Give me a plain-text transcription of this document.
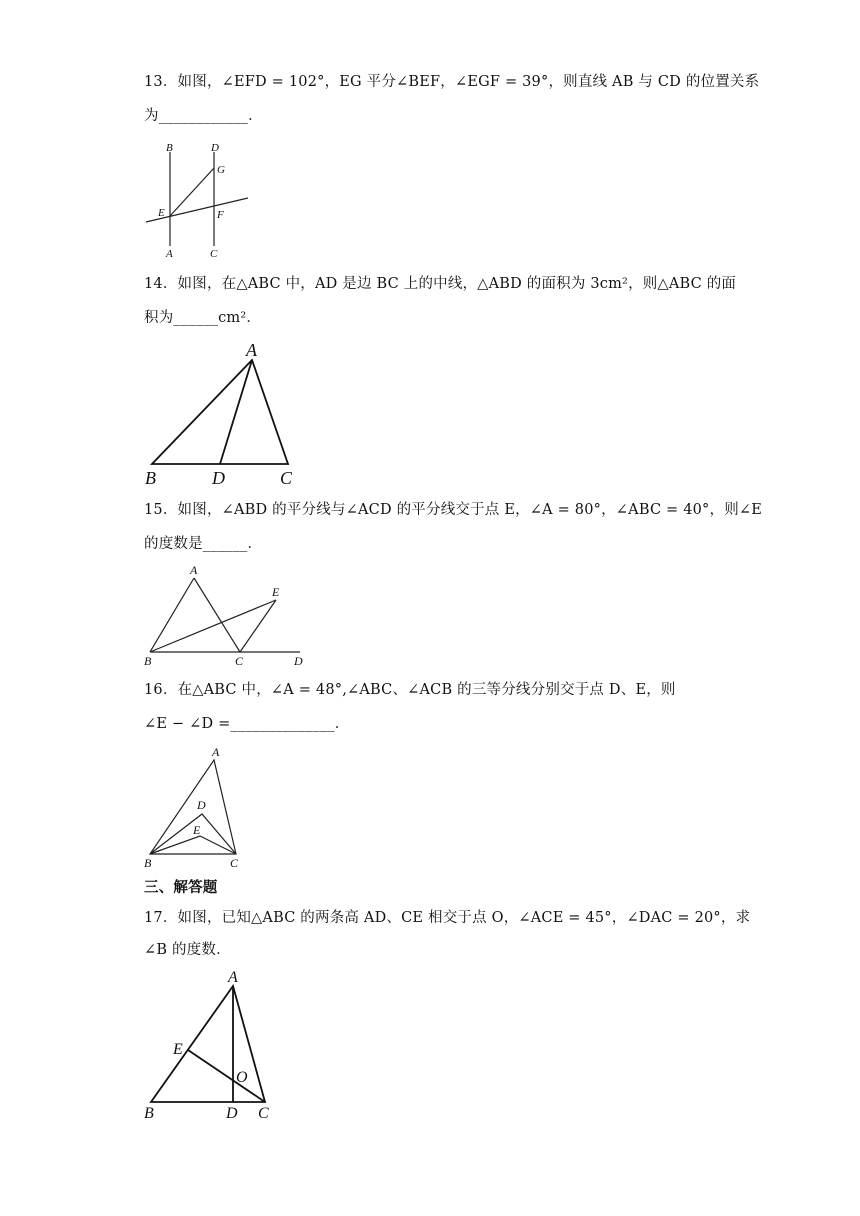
13．如图，∠EFD = 102°，EG 平分∠BEF，∠EGF = 39°，则直线 AB 与 CD 的位置关系
为____________．
B	D
G
E	F
A	C
14．如图，在△ABC 中，AD 是边 BC 上的中线，△ABD 的面积为 3cm²，则△ABC 的面
积为______cm²．
A
B	D	C
15．如图，∠ABD 的平分线与∠ACD 的平分线交于点 E，∠A = 80°，∠ABC = 40°，则∠E
的度数是______．
A
E
B	C	D
16．在△ABC 中，∠A = 48°,∠ABC、∠ACB 的三等分线分别交于点 D、E，则
∠E − ∠D =______________．
A
D
E
B	C
三、解答题
17．如图，已知△ABC 的两条高 AD、CE 相交于点 O，∠ACE = 45°，∠DAC = 20°，求
∠B 的度数．
A
E
O
B	D C
